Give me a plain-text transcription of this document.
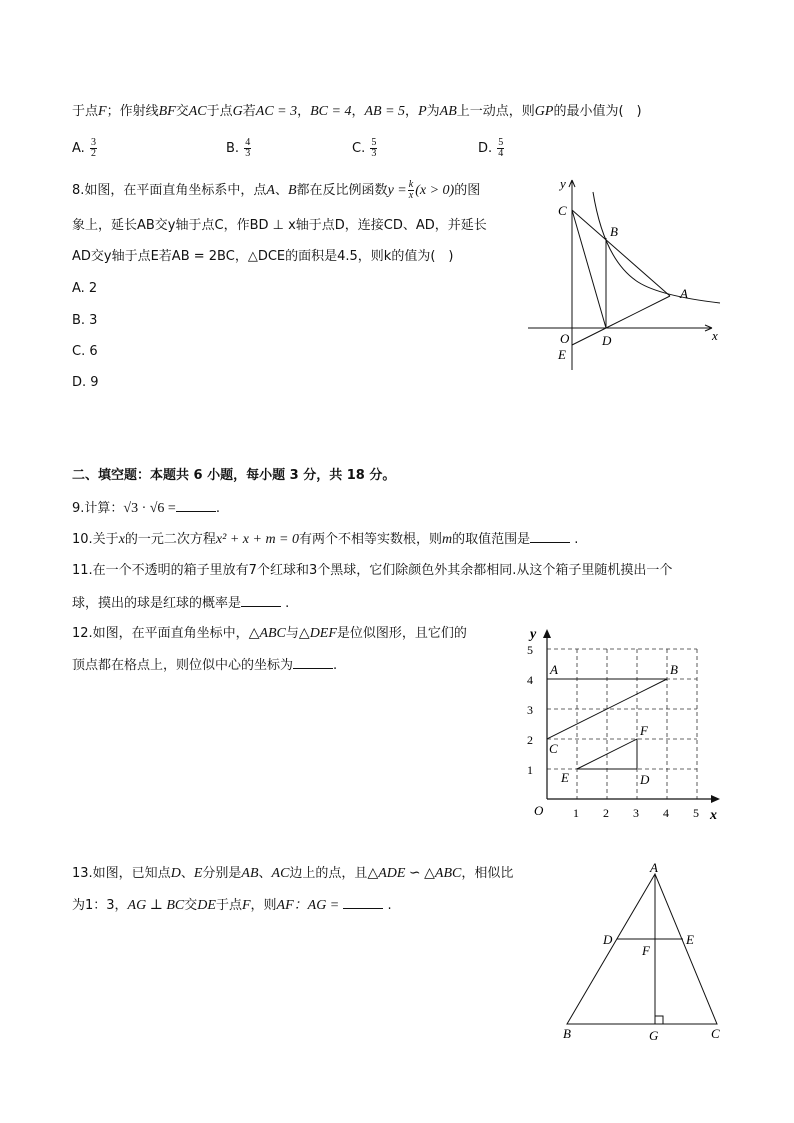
于点F；作射线BF交AC于点G若AC = 3，BC = 4，AB = 5，P为AB上一动点，则GP的最小值为(　)
A. $\frac{3}{2}$	B. $\frac{4}{3}$	C. $\frac{5}{3}$	D. $\frac{5}{4}$
8.如图，在平面直角坐标系中，点A、B都在反比例函数$y = \frac{k}{x} (x > 0)$的图
象上，延长AB交y轴于点C，作BD ⊥ x轴于点D，连接CD、AD，并延长
AD交y轴于点E若AB = 2BC，△DCE的面积是4.5，则k的值为(　)
A. 2
B. 3
C. 6
D. 9
y
x
C
B
A
O	D
E
二、填空题：本题共 6 小题，每小题 3 分，共 18 分。
9.计算：√3 · √6 =	.
10.关于x的一元二次方程x² + x + m = 0有两个不相等实数根，则m的取值范围是	.
11.在一个不透明的箱子里放有7个红球和3个黑球，它们除颜色外其余都相同.从这个箱子里随机摸出一个
球，摸出的球是红球的概率是	.
12.如图，在平面直角坐标中，△ABC与△DEF是位似图形，且它们的
顶点都在格点上，则位似中心的坐标为	.
1 2 3 4 5
1
2
3
4
5
y
x
O
A	B
C
D
E
F
13.如图，已知点D、E分别是AB、AC边上的点，且△ADE ∽ △ABC，相似比
为1：3，AG ⊥ BC交DE于点F，则AF：AG =	.
A
D	E
F
B	G	C
